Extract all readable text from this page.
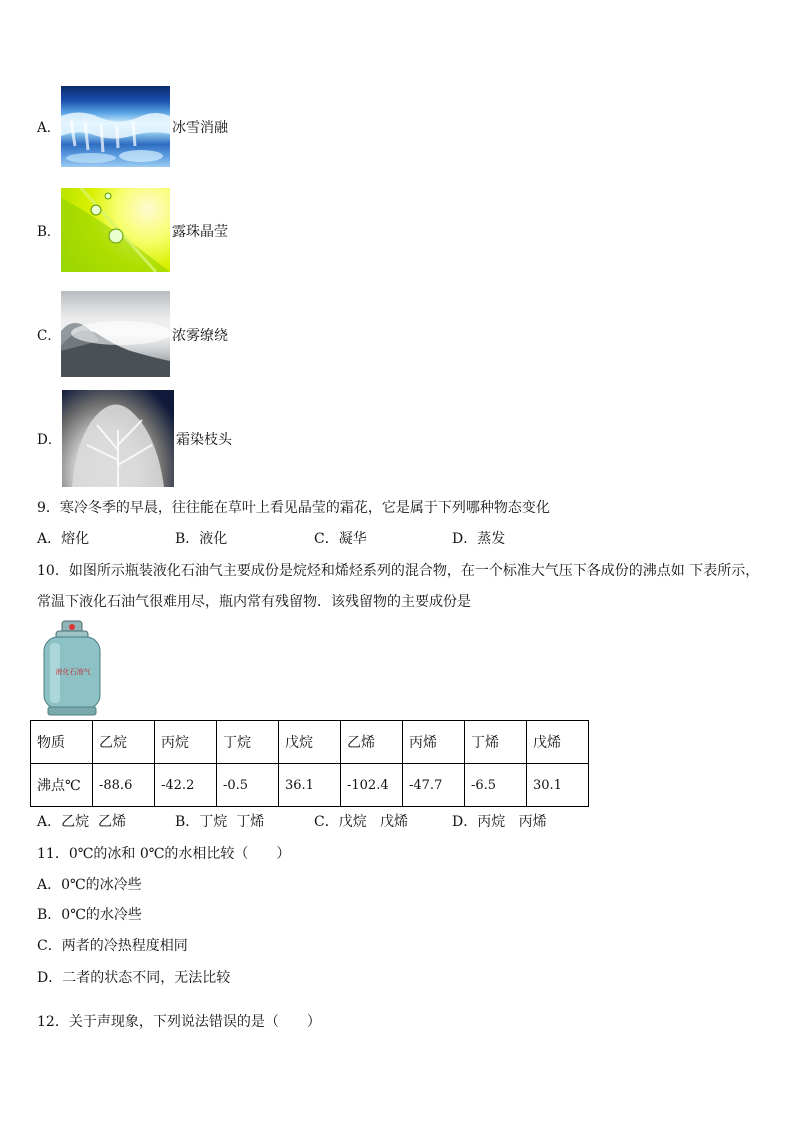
A．	冰雪消融
B．	露珠晶莹
C．	浓雾缭绕
D．	霜染枝头
9．寒冷冬季的早晨，往往能在草叶上看见晶莹的霜花，它是属于下列哪种物态变化
A．熔化	B．液化	C．凝华	D．蒸发
10．如图所示瓶装液化石油气主要成份是烷烃和烯烃系列的混合物，在一个标准大气压下各成份的沸点如 下表所示，
常温下液化石油气很难用尽，瓶内常有残留物．该残留物的主要成份是
液化石油气
物质	乙烷	丙烷	丁烷	戊烷	乙烯	丙烯	丁烯	戊烯
沸点℃	-88.6	-42.2	-0.5	36.1	-102.4	-47.7	-6.5	30.1
A．乙烷  乙烯	B．丁烷  丁烯	C．戊烷   戊烯	D．丙烷   丙烯
11．0℃的冰和 0℃的水相比较（　　）
A．0℃的冰冷些
B．0℃的水冷些
C．两者的冷热程度相同
D．二者的状态不同，无法比较
12．关于声现象，下列说法错误的是（　　）
